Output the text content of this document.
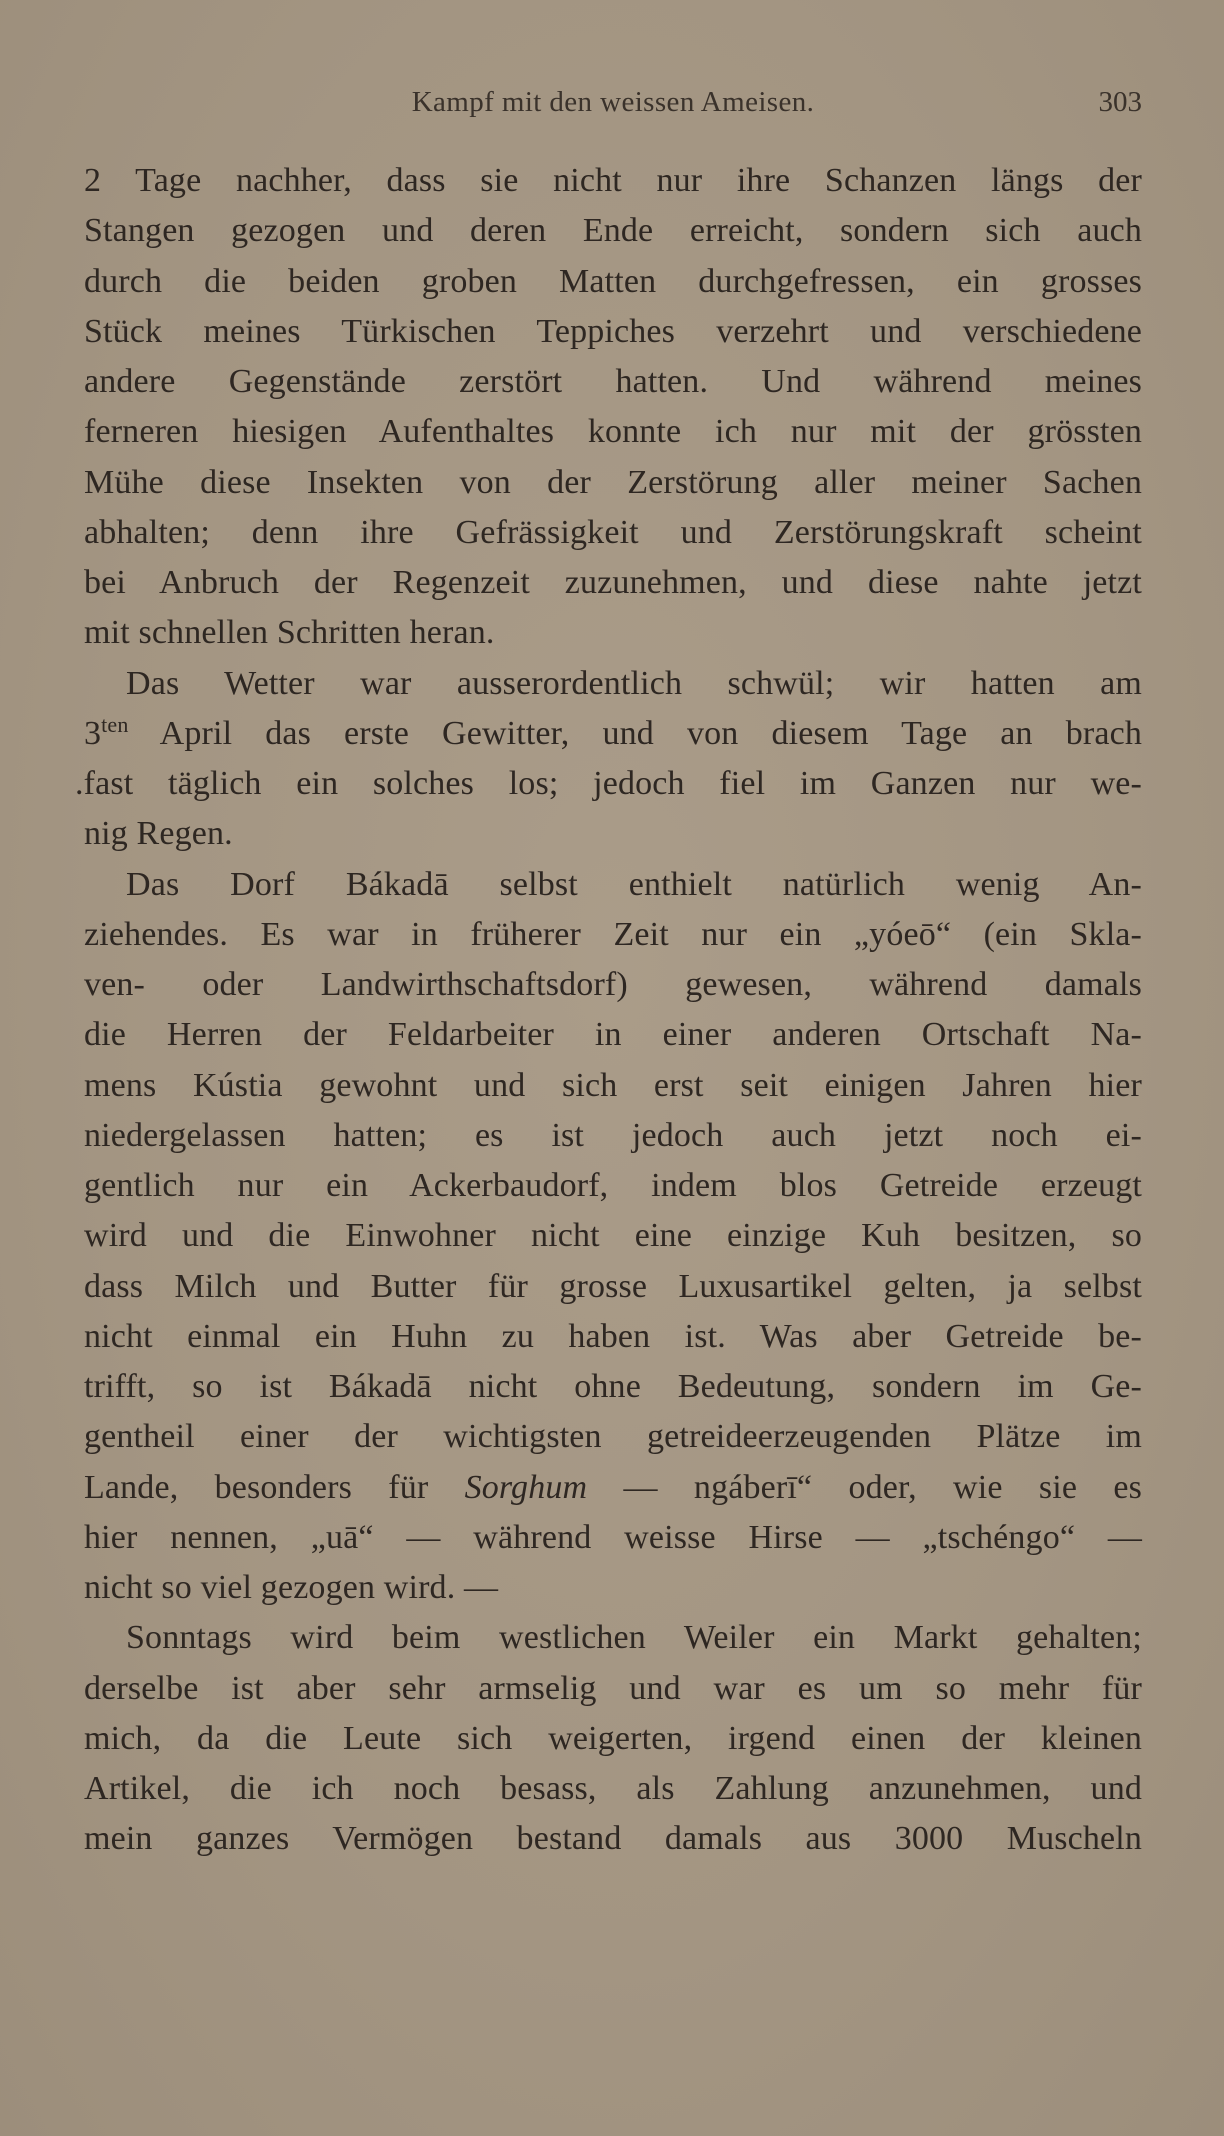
Kampf mit den weissen Ameisen.	303
2 Tage nachher, dass sie nicht nur ihre Schanzen längs der
Stangen gezogen und deren Ende erreicht, sondern sich auch
durch die beiden groben Matten durchgefressen, ein grosses
Stück meines Türkischen Teppiches verzehrt und verschiedene
andere Gegenstände zerstört hatten. Und während meines
ferneren hiesigen Aufenthaltes konnte ich nur mit der grössten
Mühe diese Insekten von der Zerstörung aller meiner Sachen
abhalten; denn ihre Gefrässigkeit und Zerstörungskraft scheint
bei Anbruch der Regenzeit zuzunehmen, und diese nahte jetzt
mit schnellen Schritten heran.
Das Wetter war ausserordentlich schwül; wir hatten am
$3^{ten}$ April das erste Gewitter, und von diesem Tage an brach
.fast täglich ein solches los; jedoch fiel im Ganzen nur we-
nig Regen.
Das Dorf Bákadā selbst enthielt natürlich wenig An-
ziehendes. Es war in früherer Zeit nur ein „yóeō“ (ein Skla-
ven- oder Landwirthschaftsdorf) gewesen, während damals
die Herren der Feldarbeiter in einer anderen Ortschaft Na-
mens Kústia gewohnt und sich erst seit einigen Jahren hier
niedergelassen hatten; es ist jedoch auch jetzt noch ei-
gentlich nur ein Ackerbaudorf, indem blos Getreide erzeugt
wird und die Einwohner nicht eine einzige Kuh besitzen, so
dass Milch und Butter für grosse Luxusartikel gelten, ja selbst
nicht einmal ein Huhn zu haben ist. Was aber Getreide be-
trifft, so ist Bákadā nicht ohne Bedeutung, sondern im Ge-
gentheil einer der wichtigsten getreideerzeugenden Plätze im
Lande, besonders für Sorghum — ngáberī“ oder, wie sie es
hier nennen, „uā“ — während weisse Hirse — „tschéngo“ —
nicht so viel gezogen wird. —
Sonntags wird beim westlichen Weiler ein Markt gehalten;
derselbe ist aber sehr armselig und war es um so mehr für
mich, da die Leute sich weigerten, irgend einen der kleinen
Artikel, die ich noch besass, als Zahlung anzunehmen, und
mein ganzes Vermögen bestand damals aus 3000 Muscheln
